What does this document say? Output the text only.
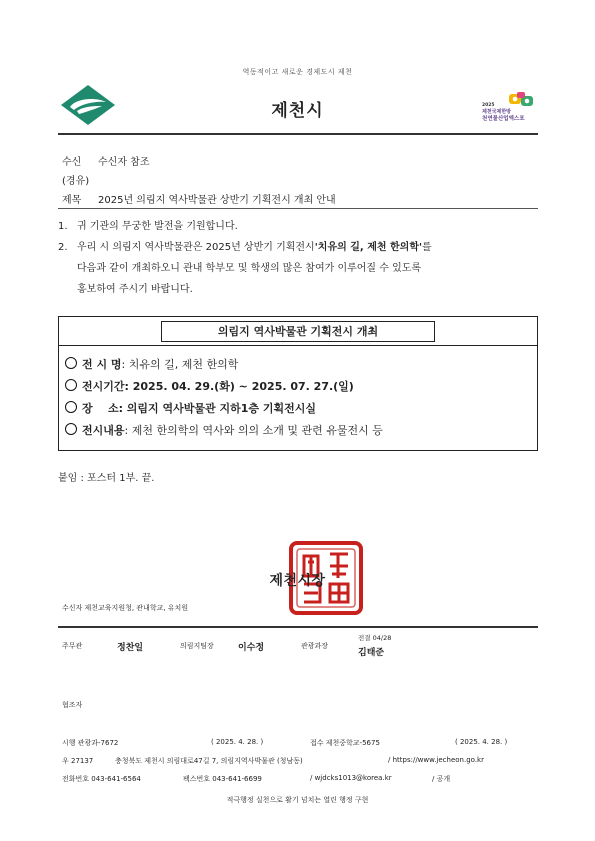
역동적이고 새로운 경제도시 제천
제천시	2025
제천국제한방
천연물산업엑스포
수신 수신자 참조
(경유)
제목 2025년 의림지 역사박물관 상반기 기획전시 개최 안내
1. 귀 기관의 무궁한 발전을 기원합니다.
2. 우리 시 의림지 역사박물관은 2025년 상반기 기획전시'치유의 길, 제천 한의학'를
다음과 같이 개최하오니 관내 학부모 및 학생의 많은 참여가 이루어질 수 있도록
홍보하여 주시기 바랍니다.
의림지 역사박물관 기획전시 개최
전 시 명: 치유의 길, 제천 한의학
전시기간: 2025. 04. 29.(화) ~ 2025. 07. 27.(일)
장    소: 의림지 역사박물관 지하1층 기획전시실
전시내용: 제천 한의학의 역사와 의의 소개 및 관련 유물전시 등
붙임 : 포스터 1부. 끝.
제천시장
수신자 제천교육지원청, 관내학교, 유치원
주무관	정찬일	의림지팀장	이수정	관광과장
전결 04/28
김태준
협조자
시행 관광과-7672	( 2025. 4. 28. )	접수 제천중학교-5675	( 2025. 4. 28. )
우 27137	충청북도 제천시 의림대로47길 7, 의림지역사박물관 (청남동)	/ https://www.jecheon.go.kr
전화번호 043-641-6564	팩스번호 043-641-6699	/ wjdcks1013@korea.kr	/ 공개
적극행정 실천으로 활기 넘치는 열린 행정 구현
